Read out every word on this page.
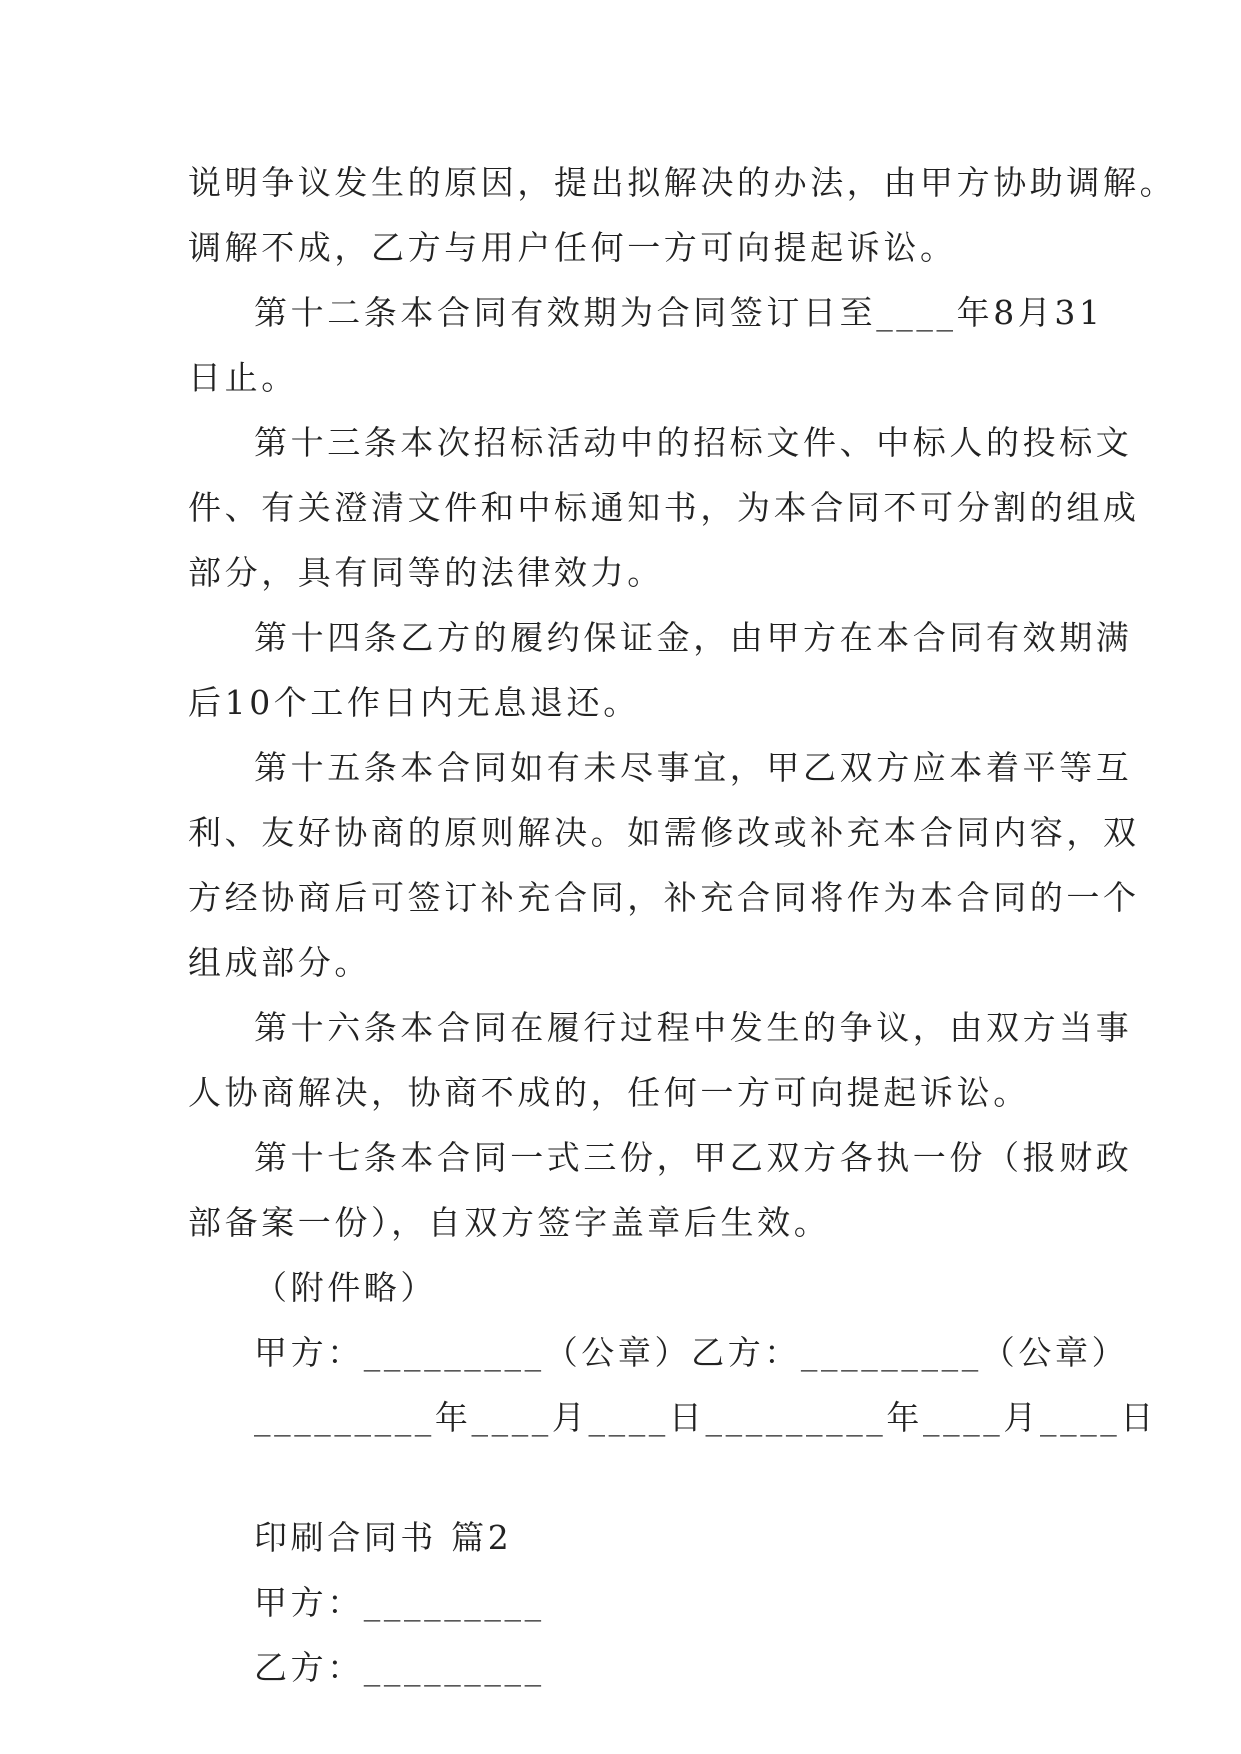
说明争议发生的原因，提出拟解决的办法，由甲方协助调解。
调解不成，乙方与用户任何一方可向提起诉讼。
第十二条本合同有效期为合同签订日至____年8月31
日止。
第十三条本次招标活动中的招标文件、中标人的投标文
件、有关澄清文件和中标通知书，为本合同不可分割的组成
部分，具有同等的法律效力。
第十四条乙方的履约保证金，由甲方在本合同有效期满
后10个工作日内无息退还。
第十五条本合同如有未尽事宜，甲乙双方应本着平等互
利、友好协商的原则解决。如需修改或补充本合同内容，双
方经协商后可签订补充合同，补充合同将作为本合同的一个
组成部分。
第十六条本合同在履行过程中发生的争议，由双方当事
人协商解决，协商不成的，任何一方可向提起诉讼。
第十七条本合同一式三份，甲乙双方各执一份（报财政
部备案一份），自双方签字盖章后生效。
（附件略）
甲方：_________（公章）乙方：_________（公章）
_________年____月____日_________年____月____日
印刷合同书 篇2
甲方：_________
乙方：_________
